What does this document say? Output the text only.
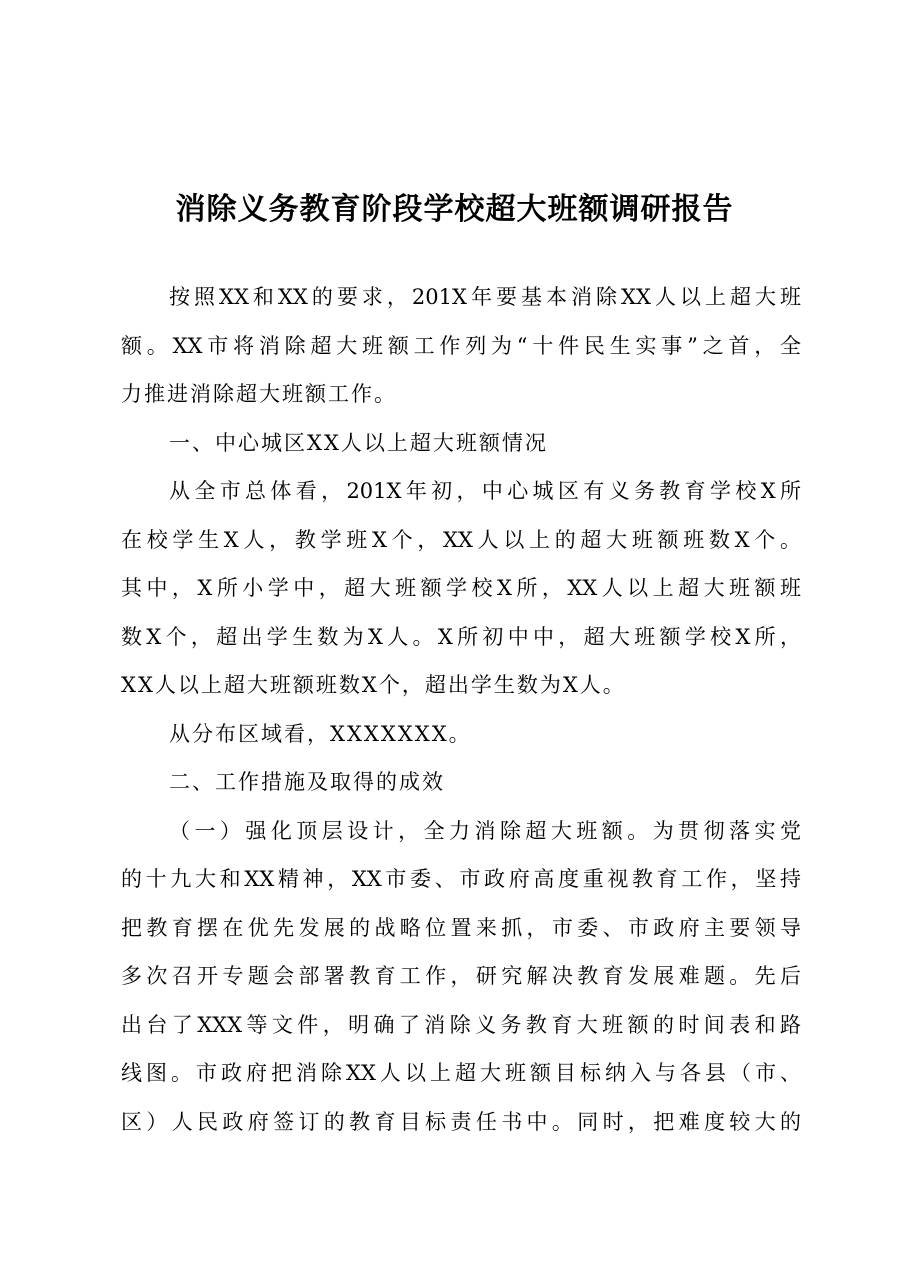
消除义务教育阶段学校超大班额调研报告
按照XX和XX的要求，201X年要基本消除XX人以上超大班
额。XX市将消除超大班额工作列为“十件民生实事”之首，全
力推进消除超大班额工作。
一、中心城区XX人以上超大班额情况
从全市总体看，201X年初，中心城区有义务教育学校X所
在校学生X人，教学班X个，XX人以上的超大班额班数X个。
其中，X所小学中，超大班额学校X所，XX人以上超大班额班
数X个，超出学生数为X人。X所初中中，超大班额学校X所，
XX人以上超大班额班数X个，超出学生数为X人。
从分布区域看，XXXXXXX。
二、工作措施及取得的成效
（一）强化顶层设计，全力消除超大班额。为贯彻落实党
的十九大和XX精神，XX市委、市政府高度重视教育工作，坚持
把教育摆在优先发展的战略位置来抓，市委、市政府主要领导
多次召开专题会部署教育工作，研究解决教育发展难题。先后
出台了XXX等文件，明确了消除义务教育大班额的时间表和路
线图。市政府把消除XX人以上超大班额目标纳入与各县（市、
区）人民政府签订的教育目标责任书中。同时，把难度较大的
